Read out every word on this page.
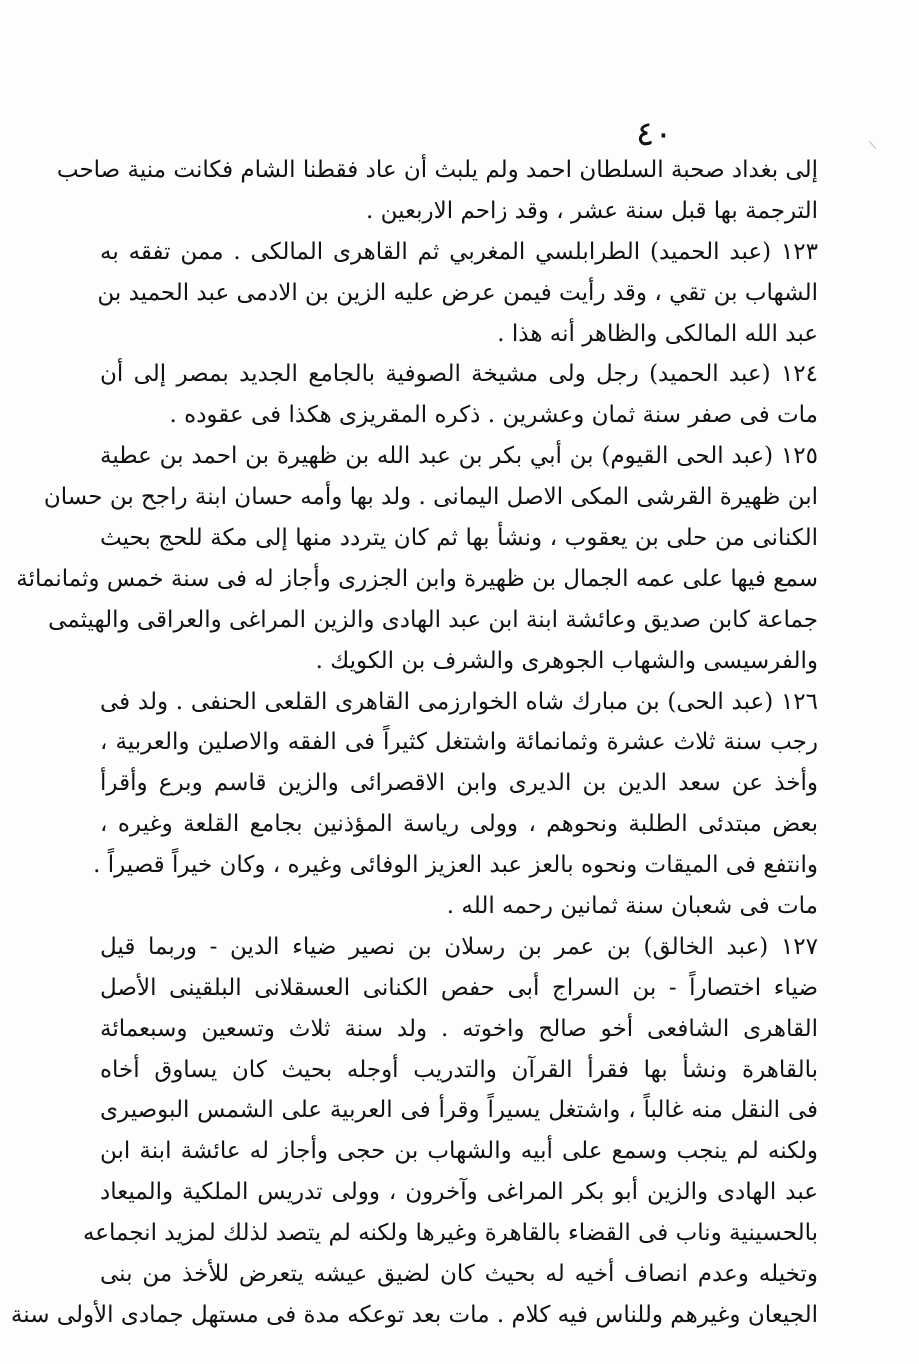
٤٠
إلى بغداد صحبة السلطان احمد ولم يلبث أن عاد فقطنا الشام فكانت منية صاحب
الترجمة بها قبل سنة عشر ، وقد زاحم الاربعين .
١٢٣ (عبد الحميد) الطرابلسي المغربي ثم القاهرى المالكى . ممن تفقه به
الشهاب بن تقي ، وقد رأيت فيمن عرض عليه الزين بن الادمى عبد الحميد بن
عبد الله المالكى والظاهر أنه هذا .
١٢٤ (عبد الحميد) رجل ولى مشيخة الصوفية بالجامع الجديد بمصر إلى أن
مات فى صفر سنة ثمان وعشرين . ذكره المقريزى هكذا فى عقوده .
١٢٥ (عبد الحى القيوم) بن أبي بكر بن عبد الله بن ظهيرة بن احمد بن عطية
ابن ظهيرة القرشى المكى الاصل اليمانى . ولد بها وأمه حسان ابنة راجح بن حسان
الكنانى من حلى بن يعقوب ، ونشأ بها ثم كان يتردد منها إلى مكة للحج بحيث
سمع فيها على عمه الجمال بن ظهيرة وابن الجزرى وأجاز له فى سنة خمس وثمانمائة
جماعة كابن صديق وعائشة ابنة ابن عبد الهادى والزين المراغى والعراقى والهيثمى
والفرسيسى والشهاب الجوهرى والشرف بن الكويك .
١٢٦ (عبد الحى) بن مبارك شاه الخوارزمى القاهرى القلعى الحنفى . ولد فى
رجب سنة ثلاث عشرة وثمانمائة واشتغل كثيراً فى الفقه والاصلين والعربية ،
وأخذ عن سعد الدين بن الديرى وابن الاقصرائى والزين قاسم وبرع وأقرأ
بعض مبتدئى الطلبة ونحوهم ، وولى رياسة المؤذنين بجامع القلعة وغيره ،
وانتفع فى الميقات ونحوه بالعز عبد العزيز الوفائى وغيره ، وكان خيراً قصيراً .
مات فى شعبان سنة ثمانين رحمه الله .
١٢٧ (عبد الخالق) بن عمر بن رسلان بن نصير ضياء الدين - وربما قيل
ضياء اختصاراً - بن السراج أبى حفص الكنانى العسقلانى البلقينى الأصل
القاهرى الشافعى أخو صالح واخوته . ولد سنة ثلاث وتسعين وسبعمائة
بالقاهرة ونشأ بها فقرأ القرآن والتدريب أوجله بحيث كان يساوق أخاه
فى النقل منه غالباً ، واشتغل يسيراً وقرأ فى العربية على الشمس البوصيرى
ولكنه لم ينجب وسمع على أبيه والشهاب بن حجى وأجاز له عائشة ابنة ابن
عبد الهادى والزين أبو بكر المراغى وآخرون ، وولى تدريس الملكية والميعاد
بالحسينية وناب فى القضاء بالقاهرة وغيرها ولكنه لم يتصد لذلك لمزيد انجماعه
وتخيله وعدم انصاف أخيه له بحيث كان لضيق عيشه يتعرض للأخذ من بنى
الجيعان وغيرهم وللناس فيه كلام . مات بعد توعكه مدة فى مستهل جمادى الأولى سنة
